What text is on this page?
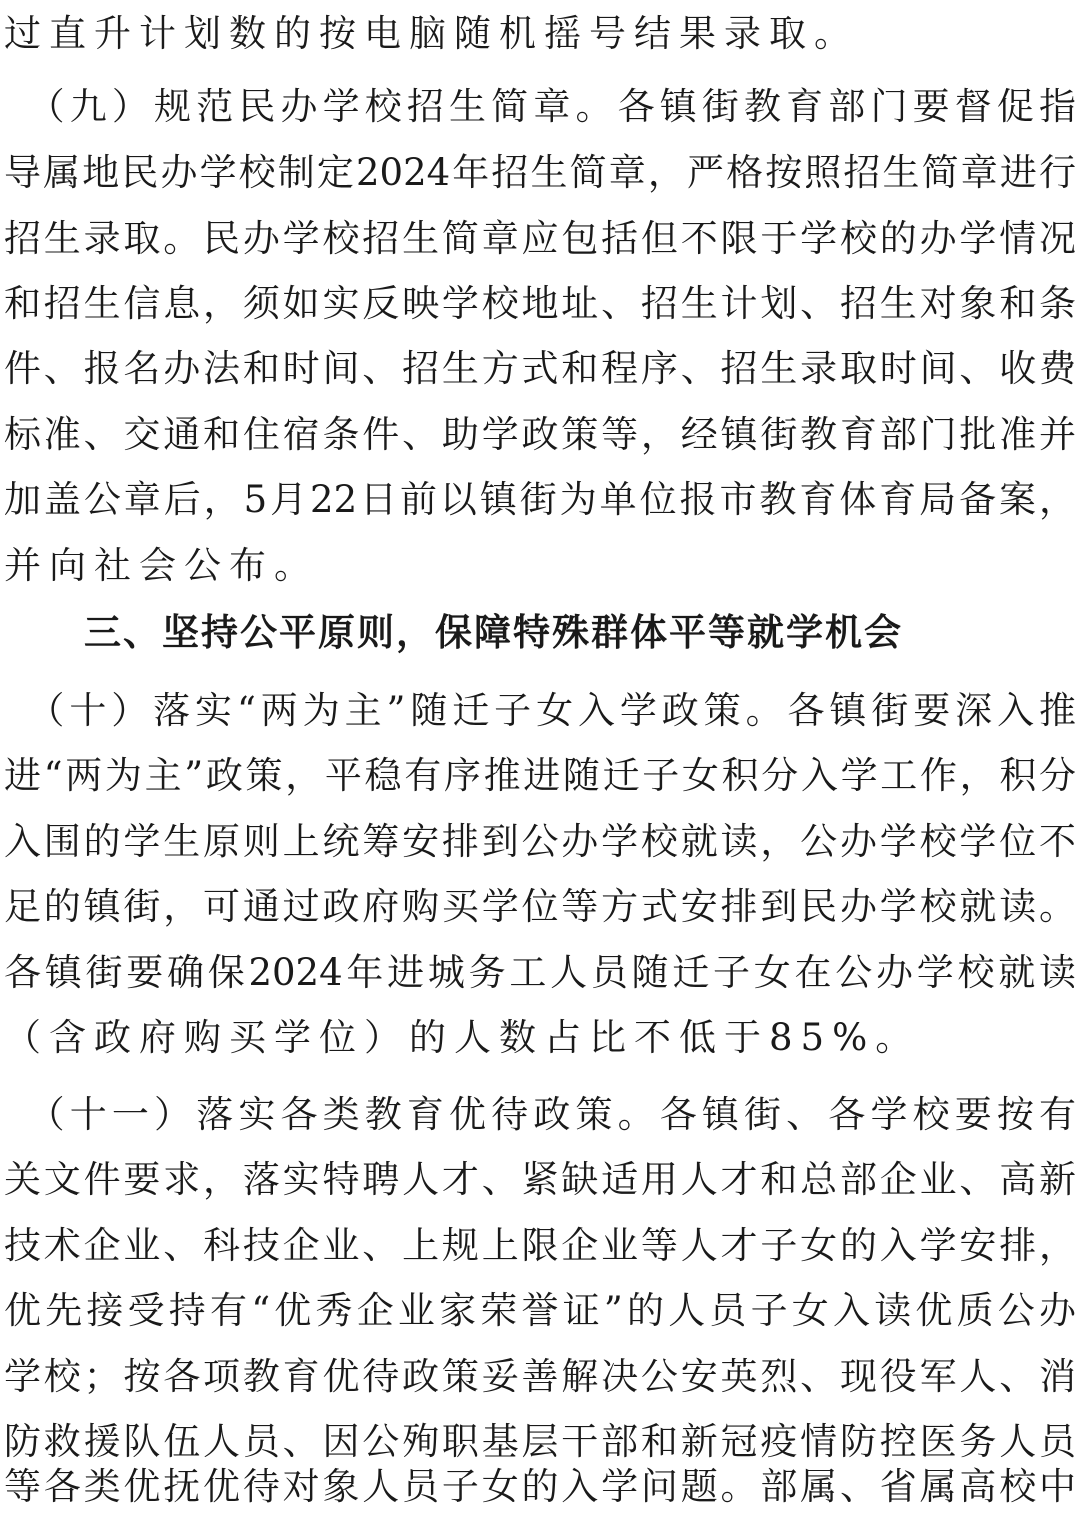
过直升计划数的按电脑随机摇号结果录取。
　（九）规范民办学校招生简章。各镇街教育部门要督促指
导属地民办学校制定2024年招生简章，严格按照招生简章进行
招生录取。民办学校招生简章应包括但不限于学校的办学情况
和招生信息，须如实反映学校地址、招生计划、招生对象和条
件、报名办法和时间、招生方式和程序、招生录取时间、收费
标准、交通和住宿条件、助学政策等，经镇街教育部门批准并
加盖公章后，5月22日前以镇街为单位报市教育体育局备案，
并向社会公布。
三、坚持公平原则，保障特殊群体平等就学机会
　（十）落实“两为主”随迁子女入学政策。各镇街要深入推
进“两为主”政策，平稳有序推进随迁子女积分入学工作，积分
入围的学生原则上统筹安排到公办学校就读，公办学校学位不
足的镇街，可通过政府购买学位等方式安排到民办学校就读。
各镇街要确保2024年进城务工人员随迁子女在公办学校就读
（含政府购买学位）的人数占比不低于85%。
　（十一）落实各类教育优待政策。各镇街、各学校要按有
关文件要求，落实特聘人才、紧缺适用人才和总部企业、高新
技术企业、科技企业、上规上限企业等人才子女的入学安排，
优先接受持有“优秀企业家荣誉证”的人员子女入读优质公办
学校；按各项教育优待政策妥善解决公安英烈、现役军人、消
防救援队伍人员、因公殉职基层干部和新冠疫情防控医务人员
等各类优抚优待对象人员子女的入学问题。部属、省属高校中
